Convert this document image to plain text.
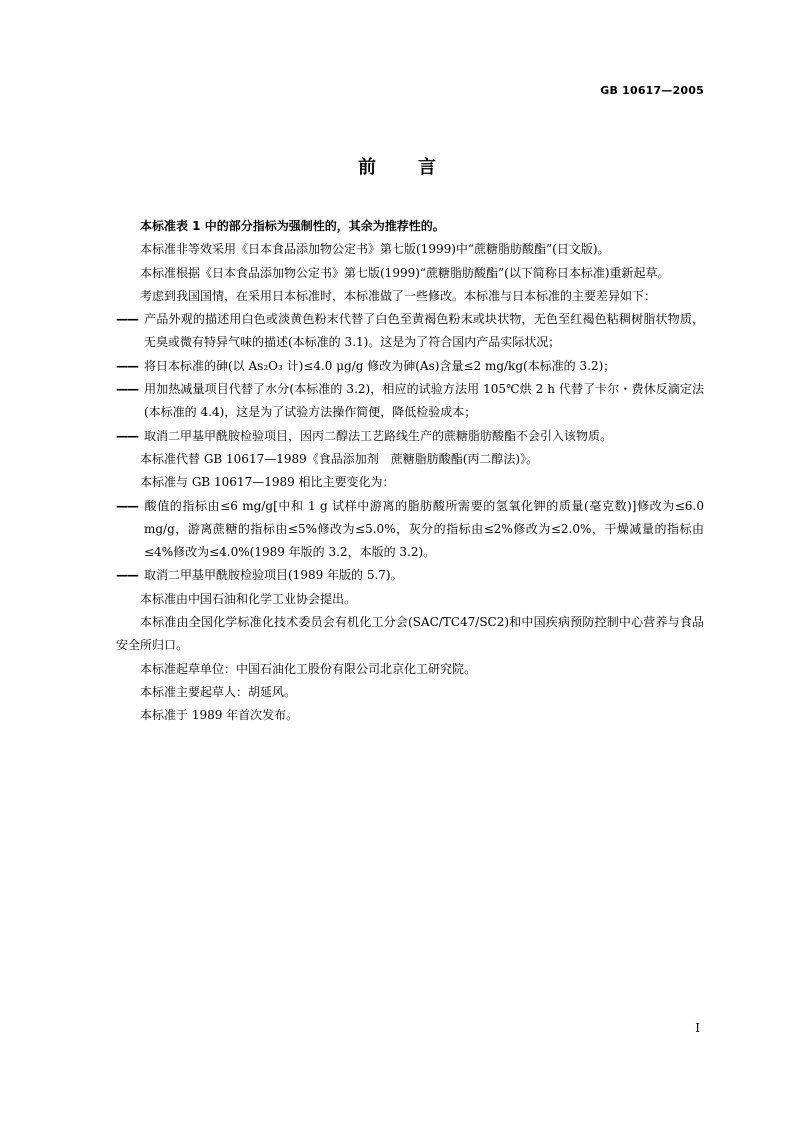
GB 10617—2005
前言

本标准表 1 中的部分指标为强制性的，其余为推荐性的。

本标准非等效采用《日本食品添加物公定书》第七版(1999)中“蔗糖脂肪酸酯”(日文版)。

本标准根据《日本食品添加物公定书》第七版(1999)“蔗糖脂肪酸酯”(以下简称日本标准)重新起草。

考虑到我国国情，在采用日本标准时，本标准做了一些修改。本标准与日本标准的主要差异如下：

—— 产品外观的描述用白色或淡黄色粉末代替了白色至黄褐色粉末或块状物，无色至红褐色粘稠树脂状物质，无臭或微有特异气味的描述(本标准的 3.1)。这是为了符合国内产品实际状况；

—— 将日本标准的砷(以 As₂O₃ 计)≤4.0 μg/g 修改为砷(As)含量≤2 mg/kg(本标准的 3.2)；

—— 用加热减量项目代替了水分(本标准的 3.2)，相应的试验方法用 105℃烘 2 h 代替了卡尔・费休反滴定法(本标准的 4.4)，这是为了试验方法操作简便，降低检验成本；

—— 取消二甲基甲酰胺检验项目，因丙二醇法工艺路线生产的蔗糖脂肪酸酯不会引入该物质。

本标准代替 GB 10617—1989《食品添加剂　蔗糖脂肪酸酯(丙二醇法)》。

本标准与 GB 10617—1989 相比主要变化为：

—— 酸值的指标由≤6 mg/g[中和 1 g 试样中游离的脂肪酸所需要的氢氧化钾的质量(毫克数)]修改为≤6.0 mg/g，游离蔗糖的指标由≤5%修改为≤5.0%，灰分的指标由≤2%修改为≤2.0%，干燥减量的指标由≤4%修改为≤4.0%(1989 年版的 3.2，本版的 3.2)。

—— 取消二甲基甲酰胺检验项目(1989 年版的 5.7)。

本标准由中国石油和化学工业协会提出。

本标准由全国化学标准化技术委员会有机化工分会(SAC/TC47/SC2)和中国疾病预防控制中心营养与食品安全所归口。

本标准起草单位：中国石油化工股份有限公司北京化工研究院。

本标准主要起草人：胡延风。

本标准于 1989 年首次发布。

I
